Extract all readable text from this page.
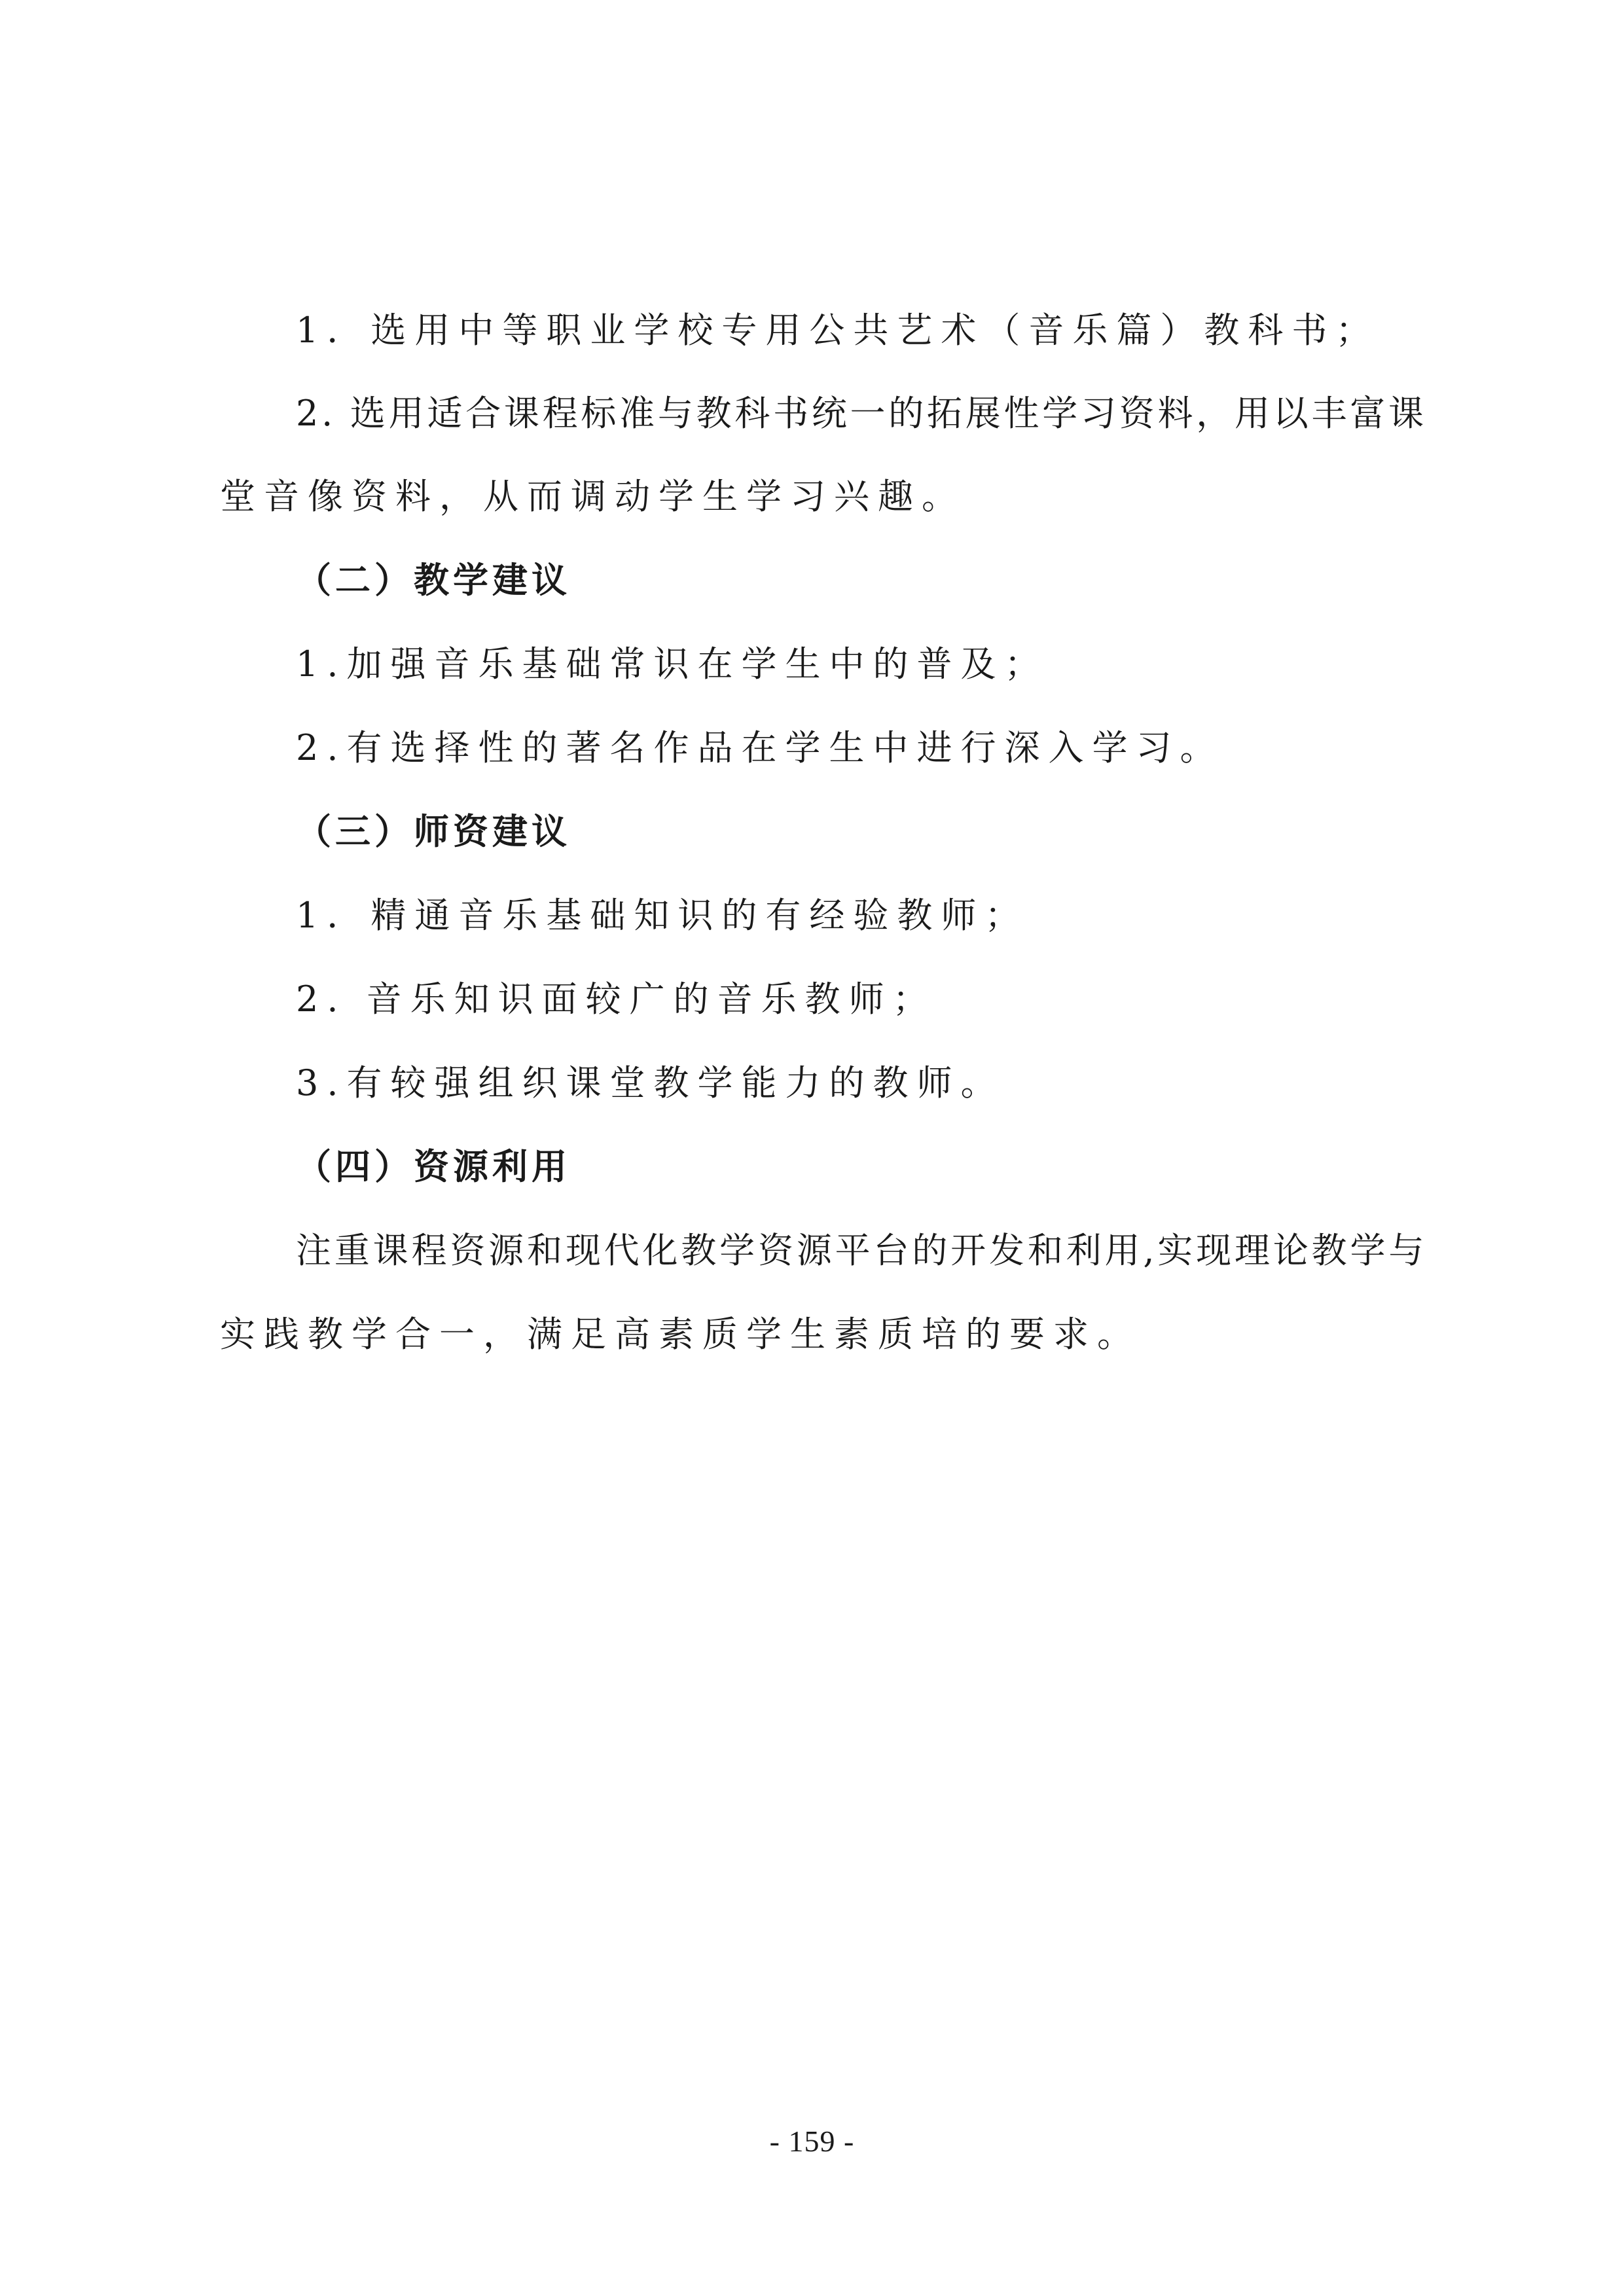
1．选用中等职业学校专用公共艺术（音乐篇）教科书；
2. 选用适合课程标准与教科书统一的拓展性学习资料，用以丰富课
堂音像资料，从而调动学生学习兴趣。
（二）教学建议
1.加强音乐基础常识在学生中的普及；
2.有选择性的著名作品在学生中进行深入学习。
（三）师资建议
1．精通音乐基础知识的有经验教师；
2. 音乐知识面较广的音乐教师；
3.有较强组织课堂教学能力的教师。
（四）资源利用
注重课程资源和现代化教学资源平台的开发和利用,实现理论教学与
实践教学合一，满足高素质学生素质培的要求。
- 159 -
